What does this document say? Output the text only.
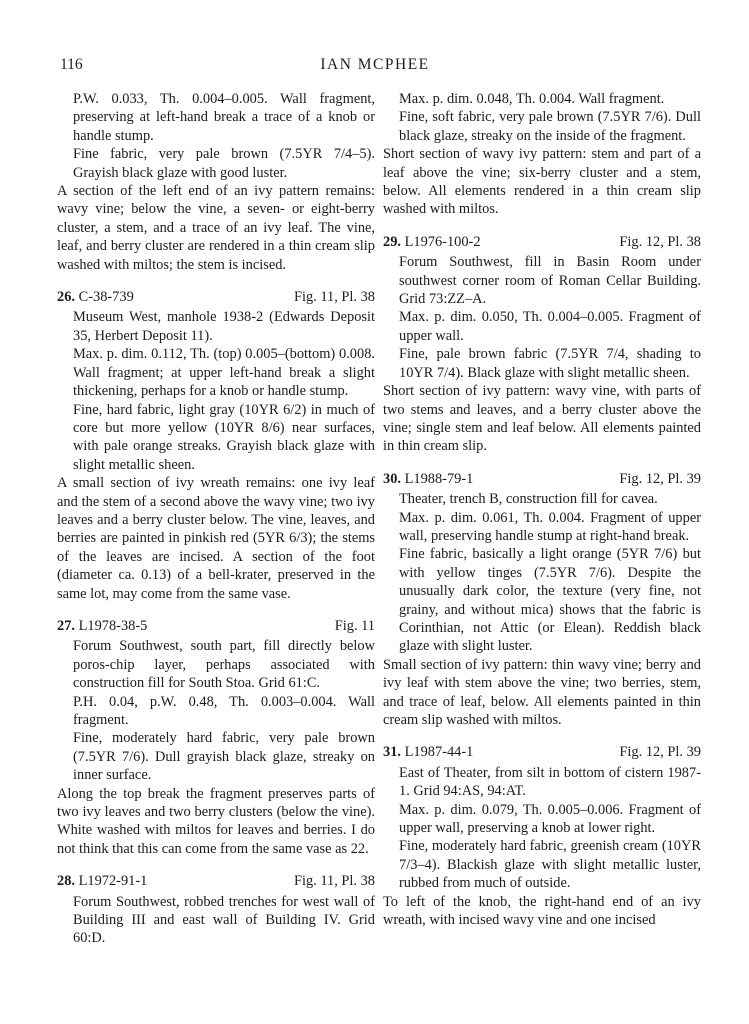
116	IAN MCPHEE

P.W. 0.033, Th. 0.004–0.005. Wall fragment, preserving at left-hand break a trace of a knob or handle stump.

Fine fabric, very pale brown (7.5YR 7/4–5). Grayish black glaze with good luster.

A section of the left end of an ivy pattern remains: wavy vine; below the vine, a seven- or eight-berry cluster, a stem, and a trace of an ivy leaf. The vine, leaf, and berry cluster are rendered in a thin cream slip washed with miltos; the stem is incised.

26. C-38-739	Fig. 11, Pl. 38

Museum West, manhole 1938-2 (Edwards Deposit 35, Herbert Deposit 11).

Max. p. dim. 0.112, Th. (top) 0.005–(bottom) 0.008. Wall fragment; at upper left-hand break a slight thickening, perhaps for a knob or handle stump.

Fine, hard fabric, light gray (10YR 6/2) in much of core but more yellow (10YR 8/6) near surfaces, with pale orange streaks. Grayish black glaze with slight metallic sheen.

A small section of ivy wreath remains: one ivy leaf and the stem of a second above the wavy vine; two ivy leaves and a berry cluster below. The vine, leaves, and berries are painted in pinkish red (5YR 6/3); the stems of the leaves are incised. A section of the foot (diameter ca. 0.13) of a bell-krater, preserved in the same lot, may come from the same vase.

27. L1978-38-5	Fig. 11

Forum Southwest, south part, fill directly below poros-chip layer, perhaps associated with construction fill for South Stoa. Grid 61:C.

P.H. 0.04, p.W. 0.48, Th. 0.003–0.004. Wall fragment.

Fine, moderately hard fabric, very pale brown (7.5YR 7/6). Dull grayish black glaze, streaky on inner surface.

Along the top break the fragment preserves parts of two ivy leaves and two berry clusters (below the vine). White washed with miltos for leaves and berries. I do not think that this can come from the same vase as 22.

28. L1972-91-1	Fig. 11, Pl. 38

Forum Southwest, robbed trenches for west wall of Building III and east wall of Building IV. Grid 60:D.

Max. p. dim. 0.048, Th. 0.004. Wall fragment.

Fine, soft fabric, very pale brown (7.5YR 7/6). Dull black glaze, streaky on the inside of the fragment.

Short section of wavy ivy pattern: stem and part of a leaf above the vine; six-berry cluster and a stem, below. All elements rendered in a thin cream slip washed with miltos.

29. L1976-100-2	Fig. 12, Pl. 38

Forum Southwest, fill in Basin Room under southwest corner room of Roman Cellar Building. Grid 73:ZZ–A.

Max. p. dim. 0.050, Th. 0.004–0.005. Fragment of upper wall.

Fine, pale brown fabric (7.5YR 7/4, shading to 10YR 7/4). Black glaze with slight metallic sheen.

Short section of ivy pattern: wavy vine, with parts of two stems and leaves, and a berry cluster above the vine; single stem and leaf below. All elements painted in thin cream slip.

30. L1988-79-1	Fig. 12, Pl. 39

Theater, trench B, construction fill for cavea.

Max. p. dim. 0.061, Th. 0.004. Fragment of upper wall, preserving handle stump at right-hand break.

Fine fabric, basically a light orange (5YR 7/6) but with yellow tinges (7.5YR 7/6). Despite the unusually dark color, the texture (very fine, not grainy, and without mica) shows that the fabric is Corinthian, not Attic (or Elean). Reddish black glaze with slight luster.

Small section of ivy pattern: thin wavy vine; berry and ivy leaf with stem above the vine; two berries, stem, and trace of leaf, below. All elements painted in thin cream slip washed with miltos.

31. L1987-44-1	Fig. 12, Pl. 39

East of Theater, from silt in bottom of cistern 1987-1. Grid 94:AS, 94:AT.

Max. p. dim. 0.079, Th. 0.005–0.006. Fragment of upper wall, preserving a knob at lower right.

Fine, moderately hard fabric, greenish cream (10YR 7/3–4). Blackish glaze with slight metallic luster, rubbed from much of outside.

To left of the knob, the right-hand end of an ivy wreath, with incised wavy vine and one incised
